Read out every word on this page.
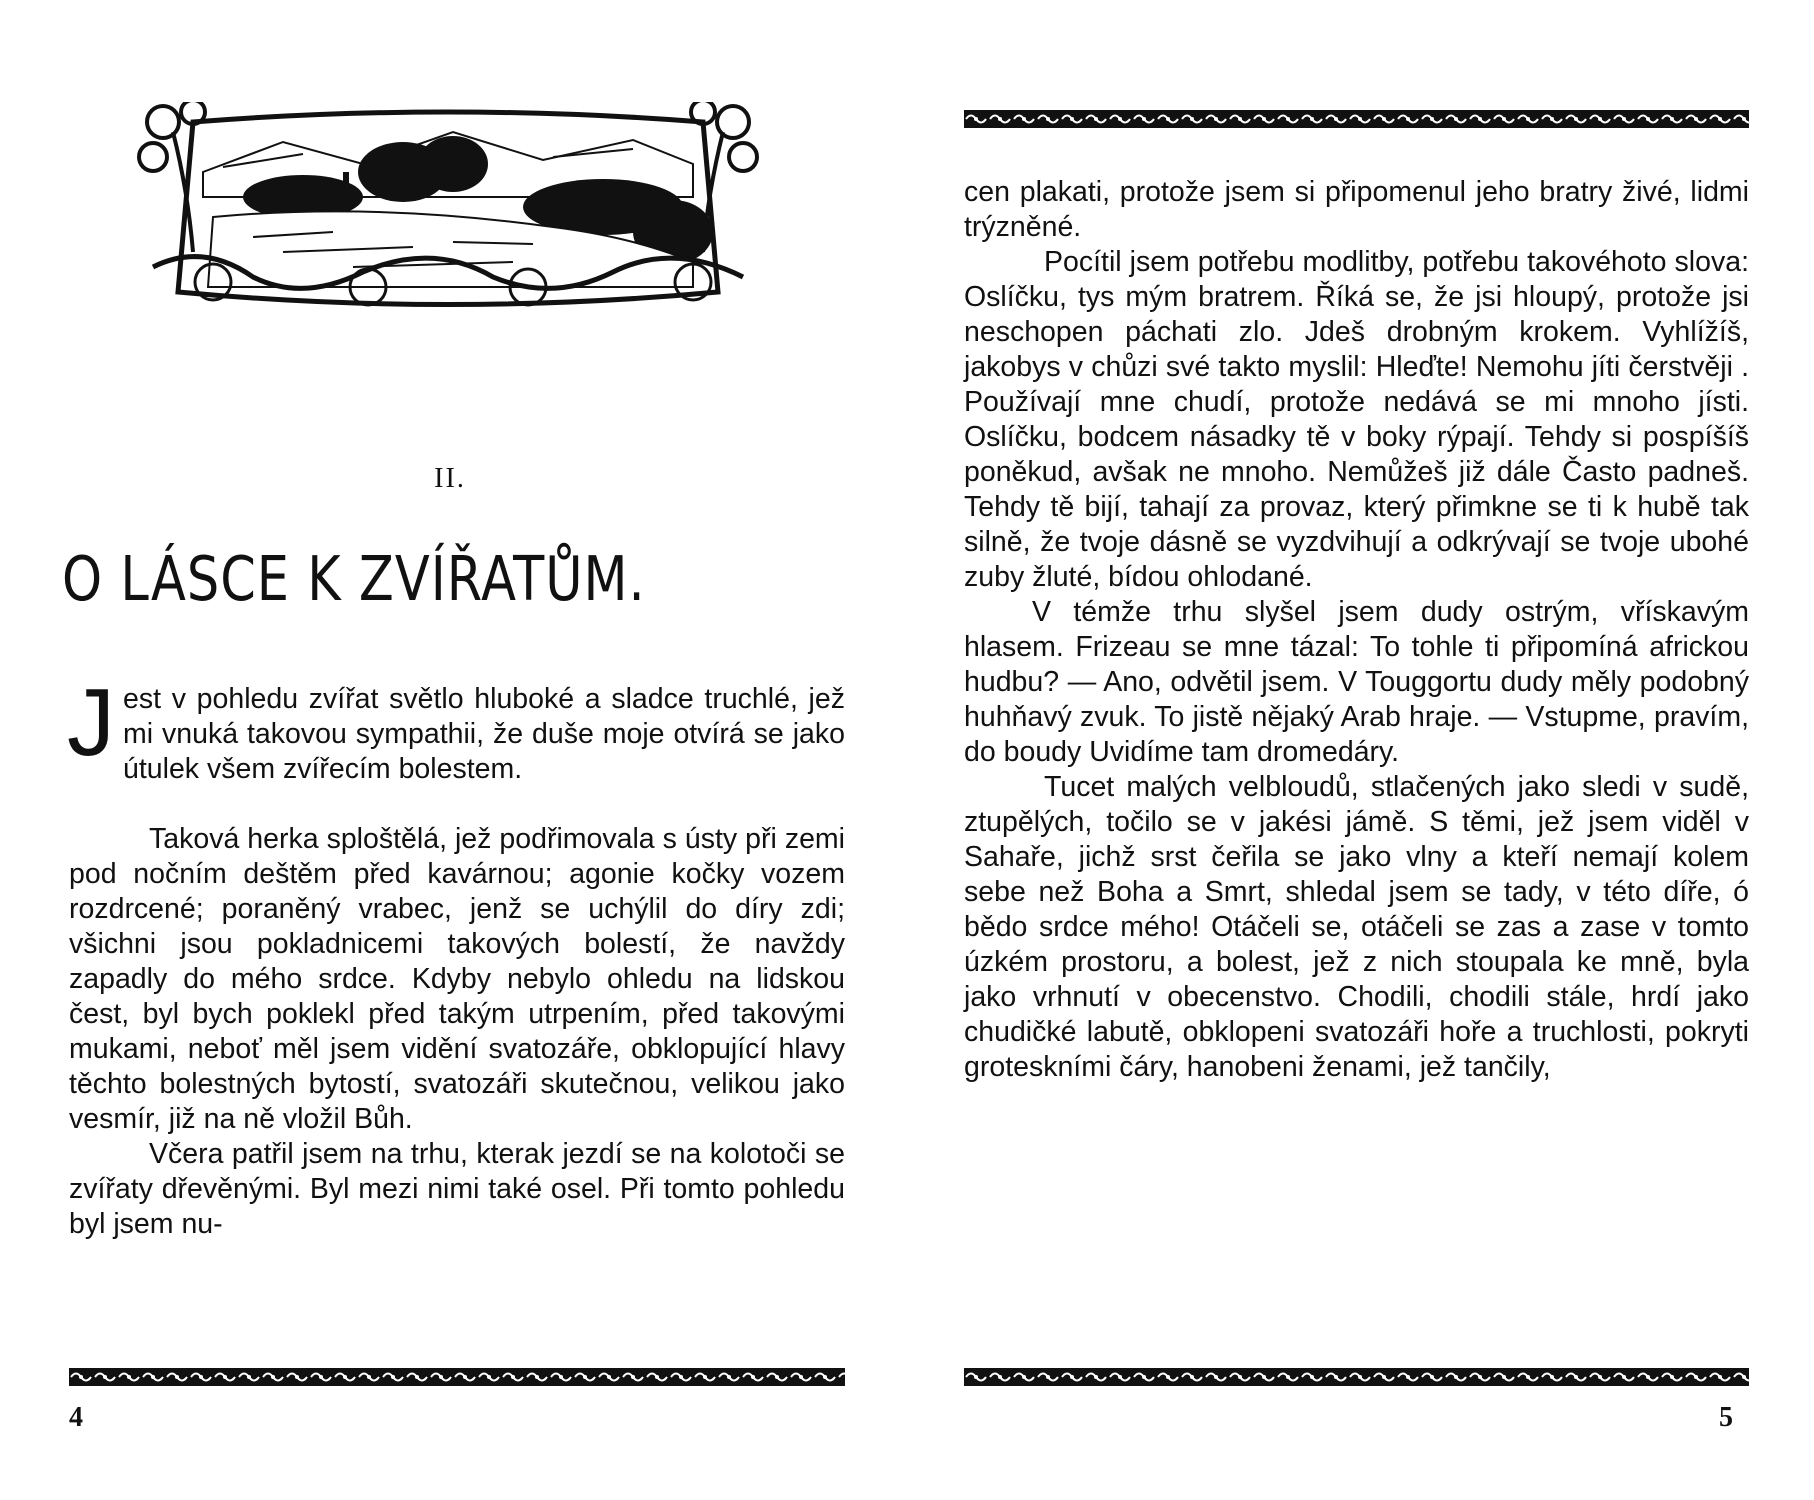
II.
O LÁSCE K ZVÍŘATŮM.

Jest v pohledu zvířat světlo hluboké a sladce truchlé, jež mi vnuká takovou sympathii, že duše moje otvírá se jako útulek všem zvířecím bolestem.

Taková herka sploštělá, jež podřimovala s ústy při zemi pod nočním deštěm před kavárnou; agonie kočky vozem rozdrcené; poraněný vrabec, jenž se uchýlil do díry zdi; všichni jsou pokladnicemi takových bolestí, že navždy zapadly do mého srdce. Kdyby nebylo ohledu na lidskou čest, byl bych poklekl před takým utrpením, před takovými mukami, neboť měl jsem vidění svatozáře, obklopující hlavy těchto bolestných bytostí, svatozáři skutečnou, velikou jako vesmír, již na ně vložil Bůh.

Včera patřil jsem na trhu, kterak jezdí se na kolotoči se zvířaty dřevěnými. Byl mezi nimi také osel. Při tomto pohledu byl jsem nu-

4

cen plakati, protože jsem si připomenul jeho bratry živé, lidmi trýzněné.

Pocítil jsem potřebu modlitby, potřebu takovéhoto slova: Oslíčku, tys mým bratrem. Říká se, že jsi hloupý, protože jsi neschopen páchati zlo. Jdeš drobným krokem. Vyhlížíš, jakobys v chůzi své takto myslil: Hleďte! Nemohu jíti čerstvěji . Používají mne chudí, protože nedává se mi mnoho jísti. Oslíčku, bodcem násadky tě v boky rýpají. Tehdy si pospíšíš poněkud, avšak ne mnoho. Nemůžeš již dále Často padneš. Tehdy tě bijí, tahají za provaz, který přimkne se ti k hubě tak silně, že tvoje dásně se vyzdvihují a odkrývají se tvoje ubohé zuby žluté, bídou ohlodané.

V témže trhu slyšel jsem dudy ostrým, vřískavým hlasem. Frizeau se mne tázal: To tohle ti připomíná africkou hudbu? — Ano, odvětil jsem. V Touggortu dudy měly podobný huhňavý zvuk. To jistě nějaký Arab hraje. — Vstupme, pravím, do boudy Uvidíme tam dromedáry.

Tucet malých velbloudů, stlačených jako sledi v sudě, ztupělých, točilo se v jakési jámě. S těmi, jež jsem viděl v Sahaře, jichž srst čeřila se jako vlny a kteří nemají kolem sebe než Boha a Smrt, shledal jsem se tady, v této díře, ó bědo srdce mého! Otáčeli se, otáčeli se zas a zase v tomto úzkém prostoru, a bolest, jež z nich stoupala ke mně, byla jako vrhnutí v obecenstvo. Chodili, chodili stále, hrdí jako chudičké labutě, obklopeni svatozáři hoře a truchlosti, pokryti groteskními čáry, hanobeni ženami, jež tančily,

5
